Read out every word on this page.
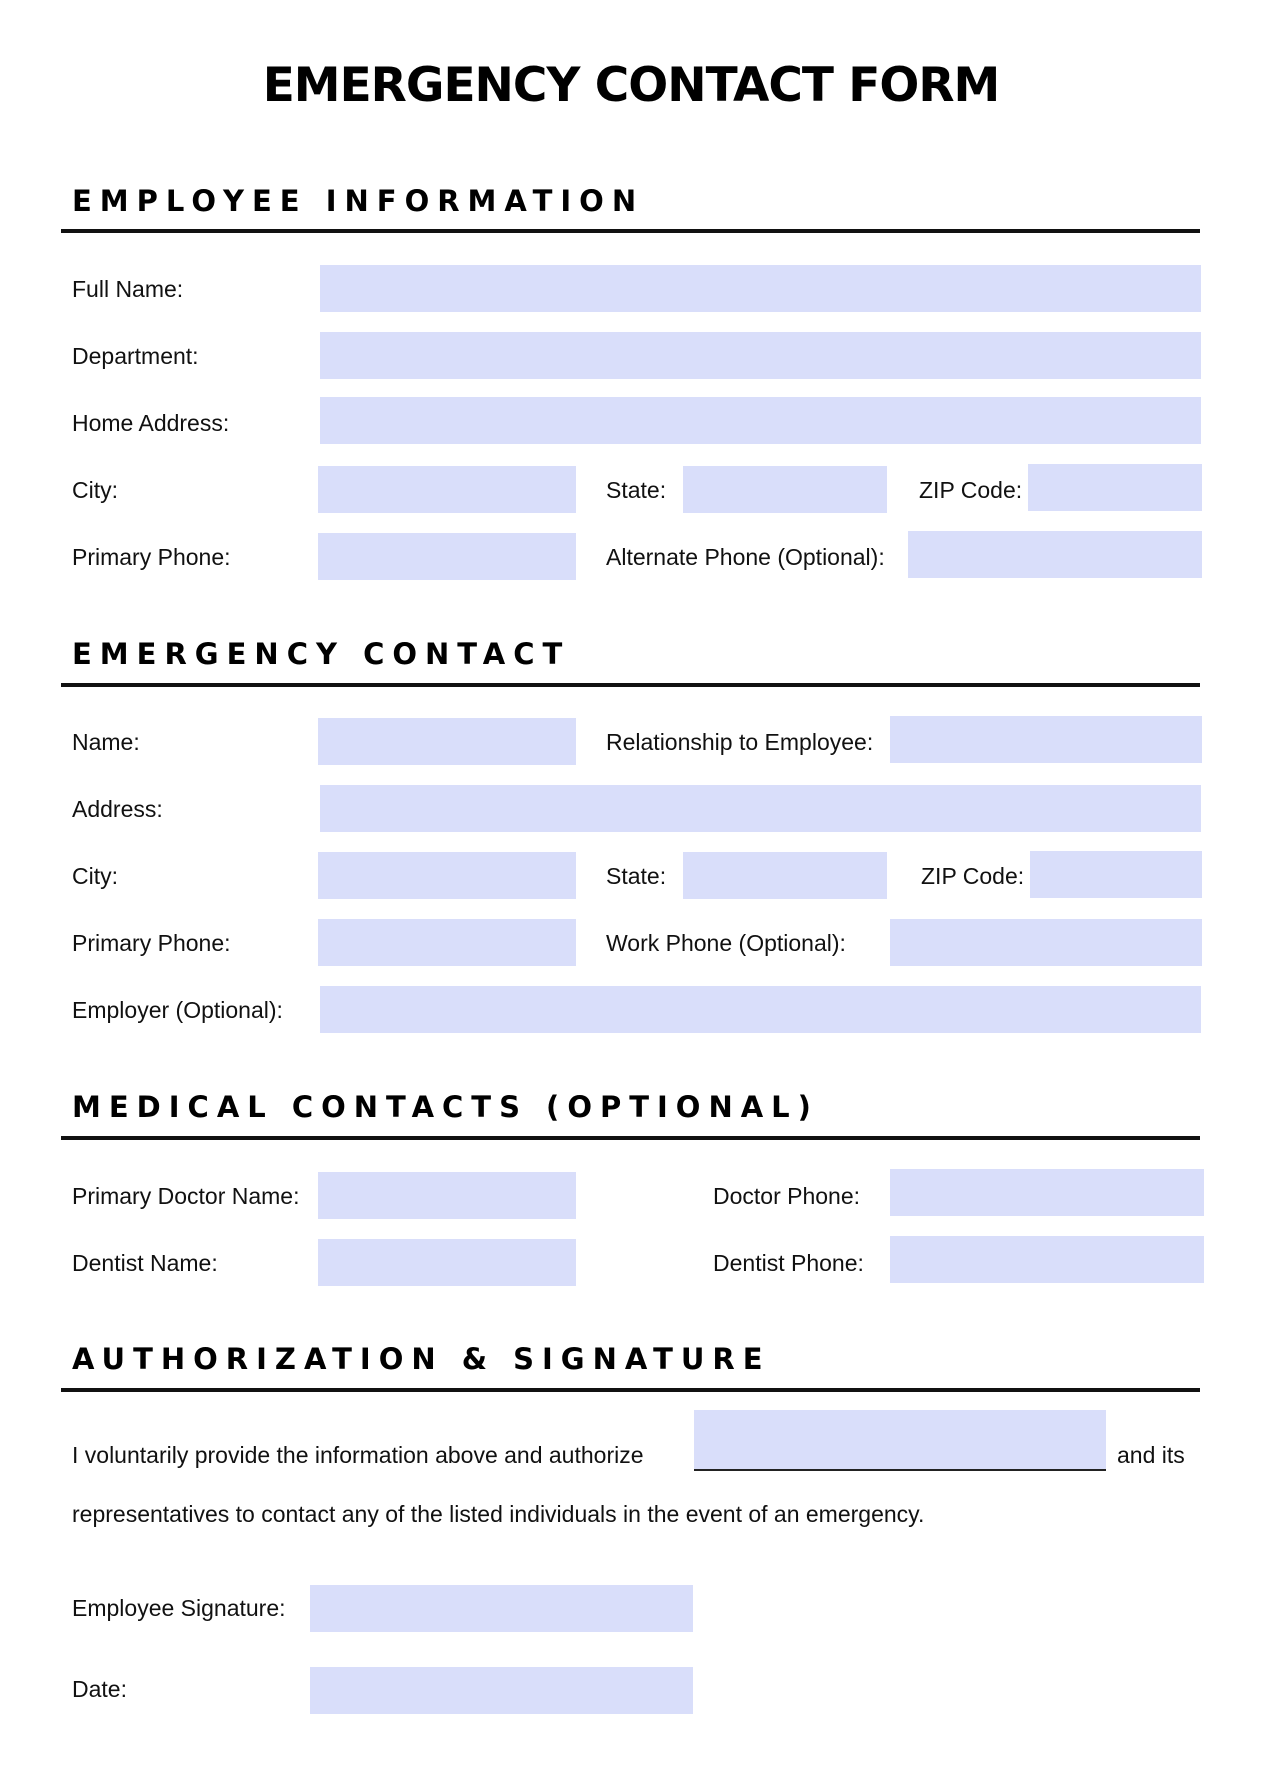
EMERGENCY CONTACT FORM
EMPLOYEE INFORMATION
Full Name:
Department:
Home Address:
City:	State:	ZIP Code:
Primary Phone:	Alternate Phone (Optional):
EMERGENCY CONTACT
Name:	Relationship to Employee:
Address:
City:	State:	ZIP Code:
Primary Phone:	Work Phone (Optional):
Employer (Optional):
MEDICAL CONTACTS (OPTIONAL)
Primary Doctor Name:	Doctor Phone:
Dentist Name:	Dentist Phone:
AUTHORIZATION & SIGNATURE
I voluntarily provide the information above and authorize	and its
representatives to contact any of the listed individuals in the event of an emergency.
Employee Signature:
Date:
